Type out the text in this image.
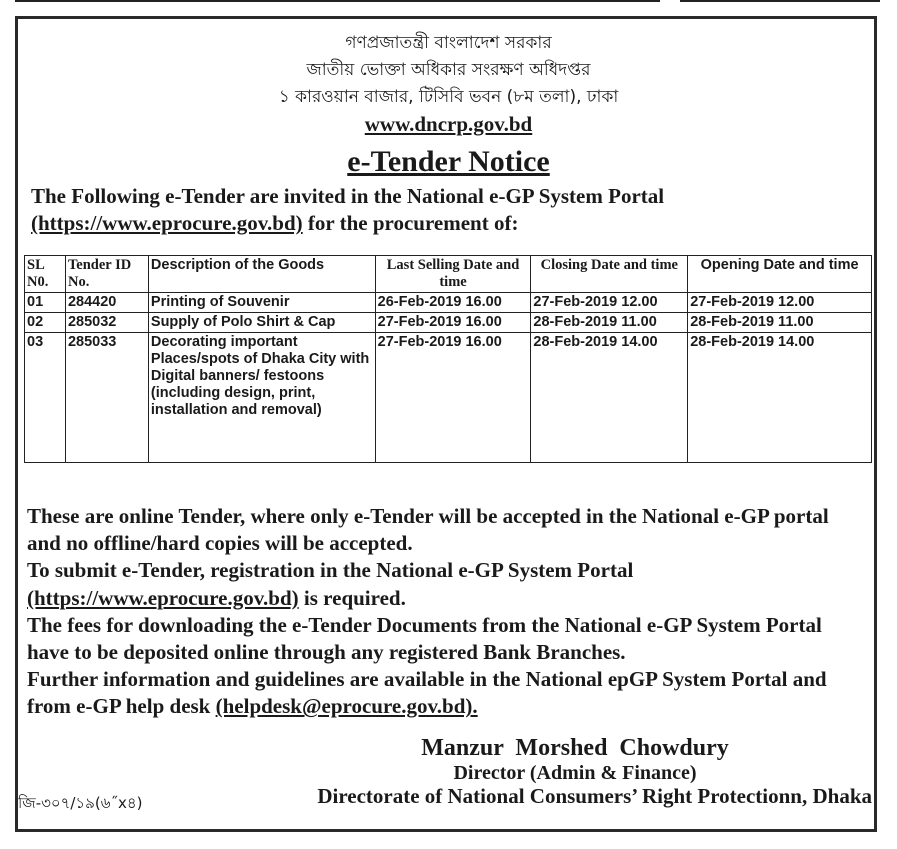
গণপ্রজাতন্ত্রী বাংলাদেশ সরকার
জাতীয় ভোক্তা অধিকার সংরক্ষণ অধিদপ্তর
১ কারওয়ান বাজার, টিসিবি ভবন (৮ম তলা), ঢাকা
www.dncrp.gov.bd
e-Tender Notice
The Following e-Tender are invited in the National e-GP System Portal
(https://www.eprocure.gov.bd) for the procurement of:
SL N0.	Tender ID No.	Description of the Goods	Last Selling Date and time	Closing Date and time	Opening Date and time
01	284420	Printing of Souvenir	26-Feb-2019 16.00	27-Feb-2019 12.00	27-Feb-2019 12.00
02	285032	Supply of Polo Shirt & Cap	27-Feb-2019 16.00	28-Feb-2019 11.00	28-Feb-2019 11.00
03	285033	Decorating important Places/spots of Dhaka City with Digital banners/ festoons (including design, print, installation and removal)	27-Feb-2019 16.00	28-Feb-2019 14.00	28-Feb-2019 14.00
These are online Tender, where only e-Tender will be accepted in the National e-GP portal and no offline/hard copies will be accepted.
To submit e-Tender, registration in the National e-GP System Portal
(https://www.eprocure.gov.bd) is required.
The fees for downloading the e-Tender Documents from the National e-GP System Portal have to be deposited online through any registered Bank Branches.
Further information and guidelines are available in the National epGP System Portal and from e-GP help desk (helpdesk@eprocure.gov.bd).
Manzur Morshed Chowdury
Director (Admin & Finance)
Directorate of National Consumers’ Right Protectionn, Dhaka
জি-৩০৭/১৯(৬˝x৪)
